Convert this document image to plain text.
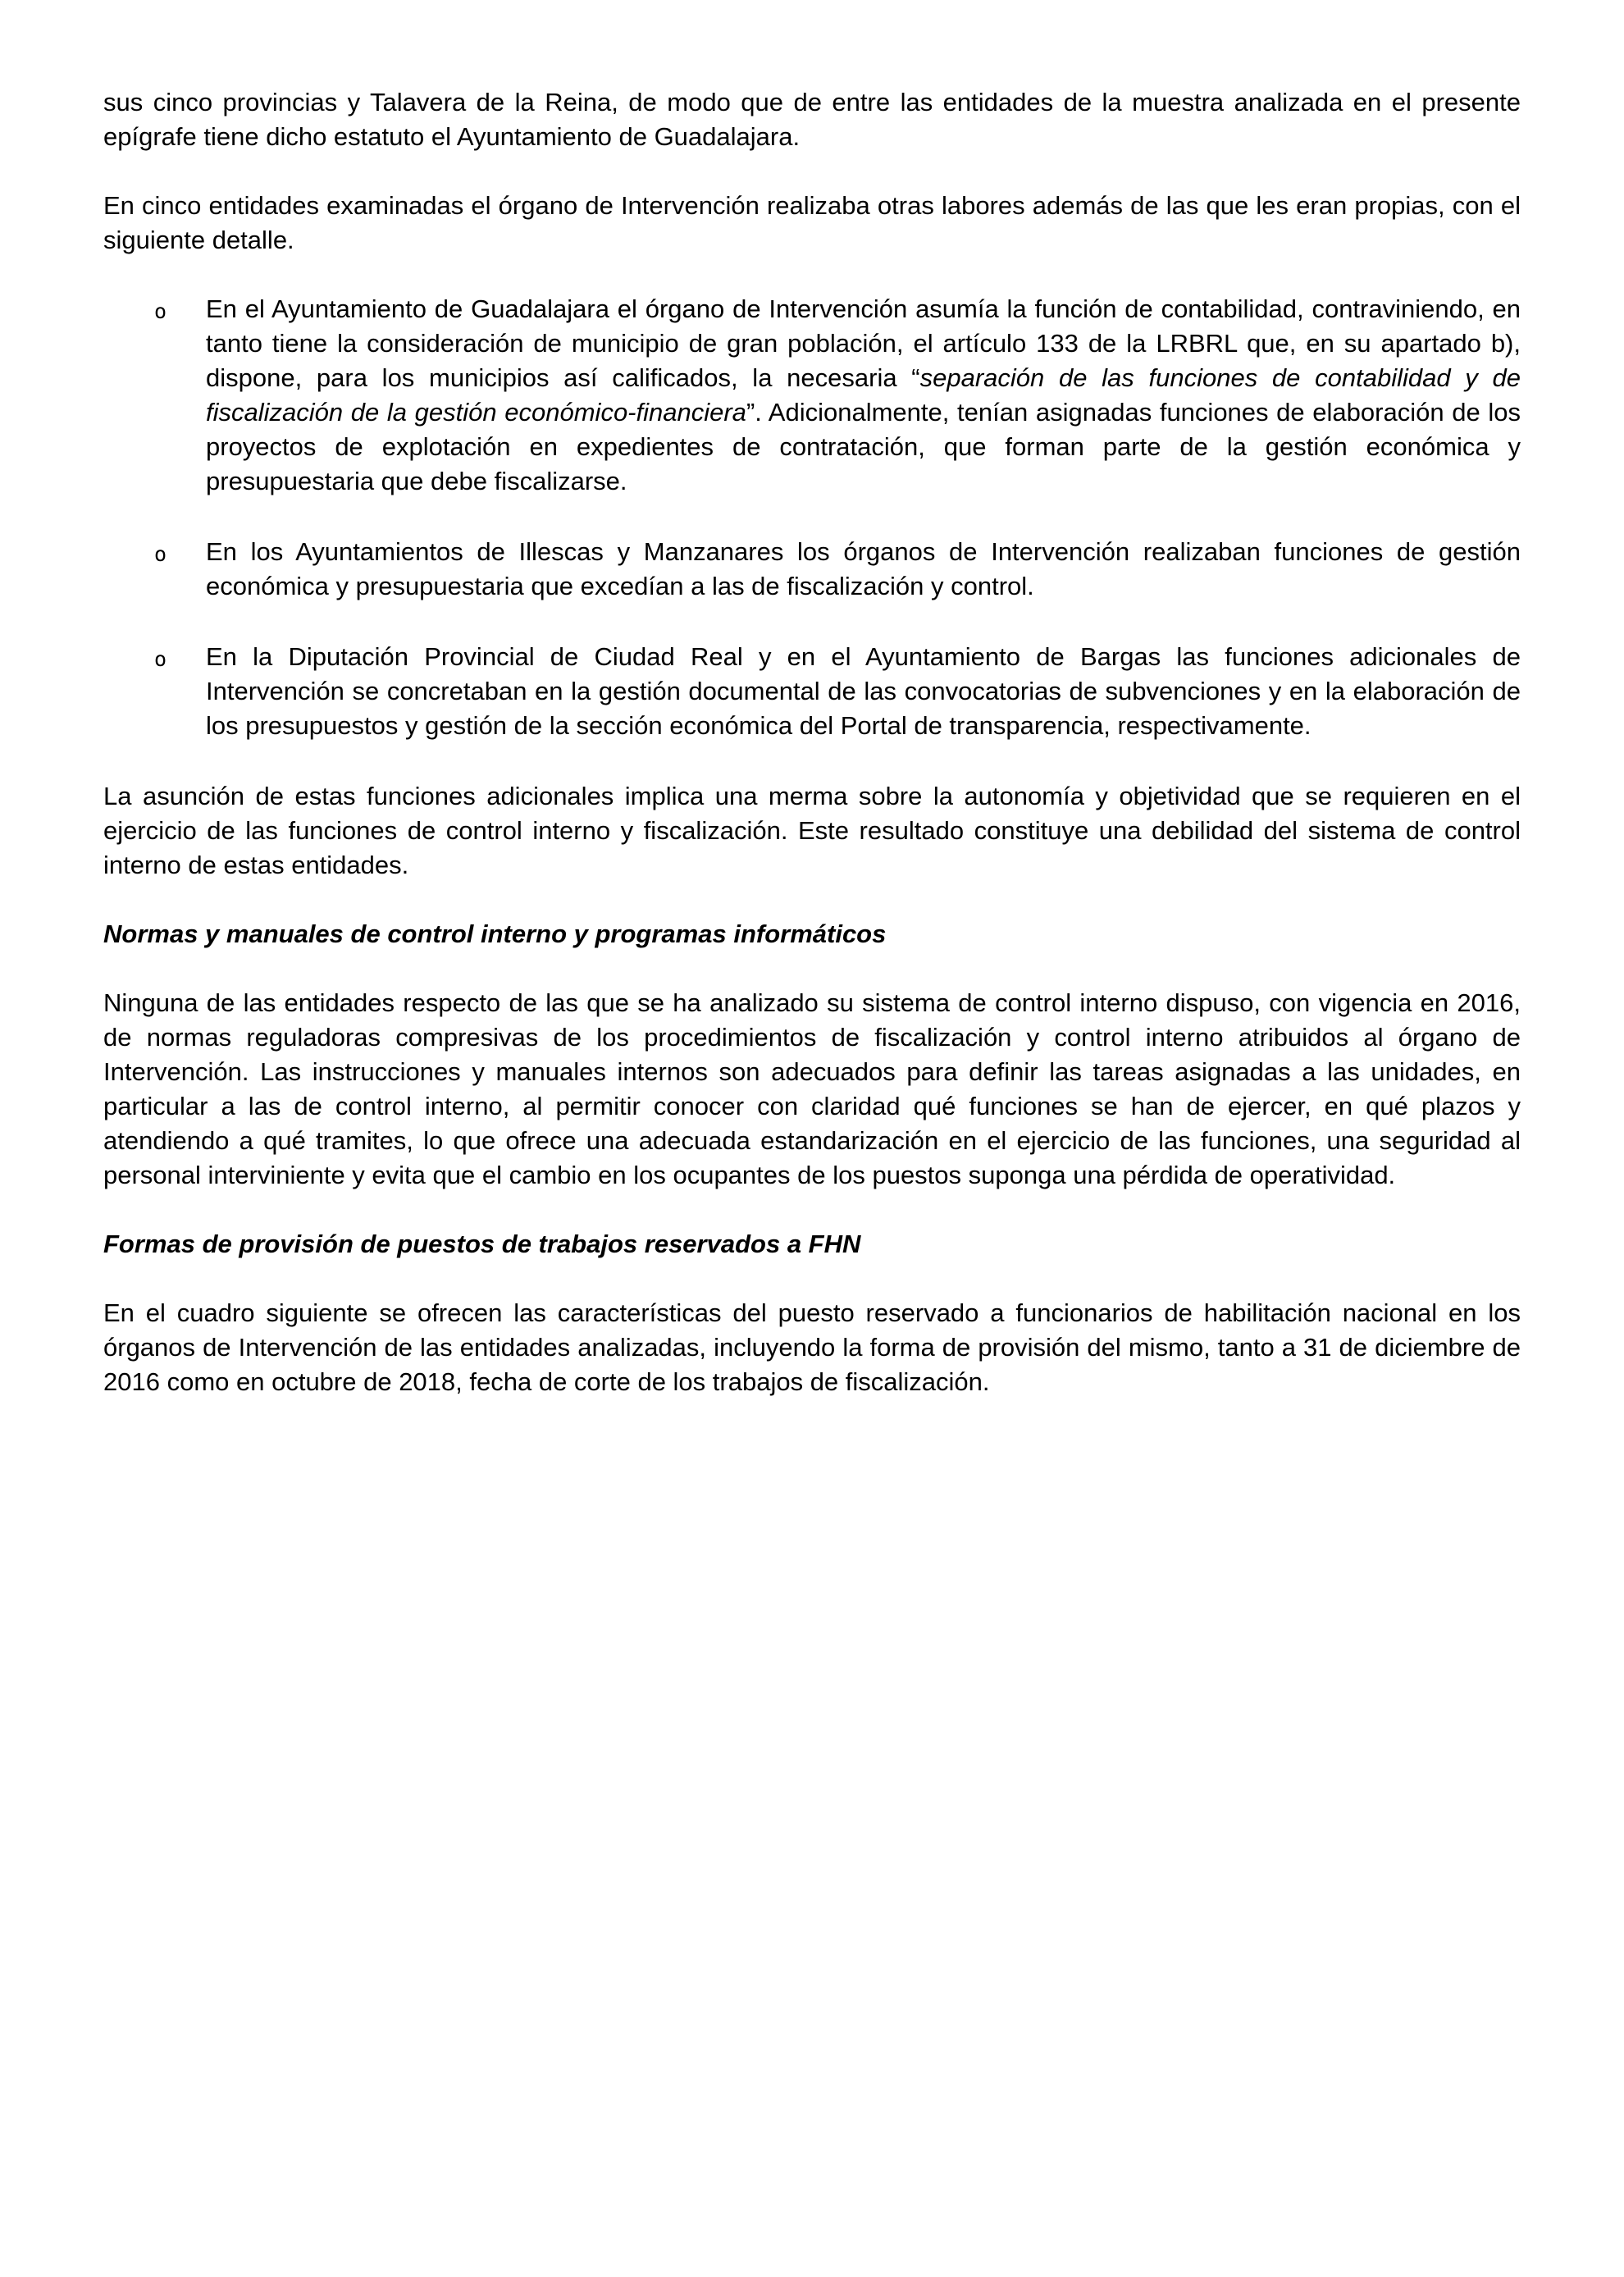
sus cinco provincias y Talavera de la Reina, de modo que de entre las entidades de la muestra analizada en el presente epígrafe tiene dicho estatuto el Ayuntamiento de Guadalajara.

En cinco entidades examinadas el órgano de Intervención realizaba otras labores además de las que les eran propias, con el siguiente detalle.

o En el Ayuntamiento de Guadalajara el órgano de Intervención asumía la función de contabilidad, contraviniendo, en tanto tiene la consideración de municipio de gran población, el artículo 133 de la LRBRL que, en su apartado b), dispone, para los municipios así calificados, la necesaria “separación de las funciones de contabilidad y de fiscalización de la gestión económico-financiera”. Adicionalmente, tenían asignadas funciones de elaboración de los proyectos de explotación en expedientes de contratación, que forman parte de la gestión económica y presupuestaria que debe fiscalizarse.
o En los Ayuntamientos de Illescas y Manzanares los órganos de Intervención realizaban funciones de gestión económica y presupuestaria que excedían a las de fiscalización y control.
o En la Diputación Provincial de Ciudad Real y en el Ayuntamiento de Bargas las funciones adicionales de Intervención se concretaban en la gestión documental de las convocatorias de subvenciones y en la elaboración de los presupuestos y gestión de la sección económica del Portal de transparencia, respectivamente.

La asunción de estas funciones adicionales implica una merma sobre la autonomía y objetividad que se requieren en el ejercicio de las funciones de control interno y fiscalización. Este resultado constituye una debilidad del sistema de control interno de estas entidades.

Normas y manuales de control interno y programas informáticos

Ninguna de las entidades respecto de las que se ha analizado su sistema de control interno dispuso, con vigencia en 2016, de normas reguladoras compresivas de los procedimientos de fiscalización y control interno atribuidos al órgano de Intervención. Las instrucciones y manuales internos son adecuados para definir las tareas asignadas a las unidades, en particular a las de control interno, al permitir conocer con claridad qué funciones se han de ejercer, en qué plazos y atendiendo a qué tramites, lo que ofrece una adecuada estandarización en el ejercicio de las funciones, una seguridad al personal interviniente y evita que el cambio en los ocupantes de los puestos suponga una pérdida de operatividad.

Formas de provisión de puestos de trabajos reservados a FHN

En el cuadro siguiente se ofrecen las características del puesto reservado a funcionarios de habilitación nacional en los órganos de Intervención de las entidades analizadas, incluyendo la forma de provisión del mismo, tanto a 31 de diciembre de 2016 como en octubre de 2018, fecha de corte de los trabajos de fiscalización.
